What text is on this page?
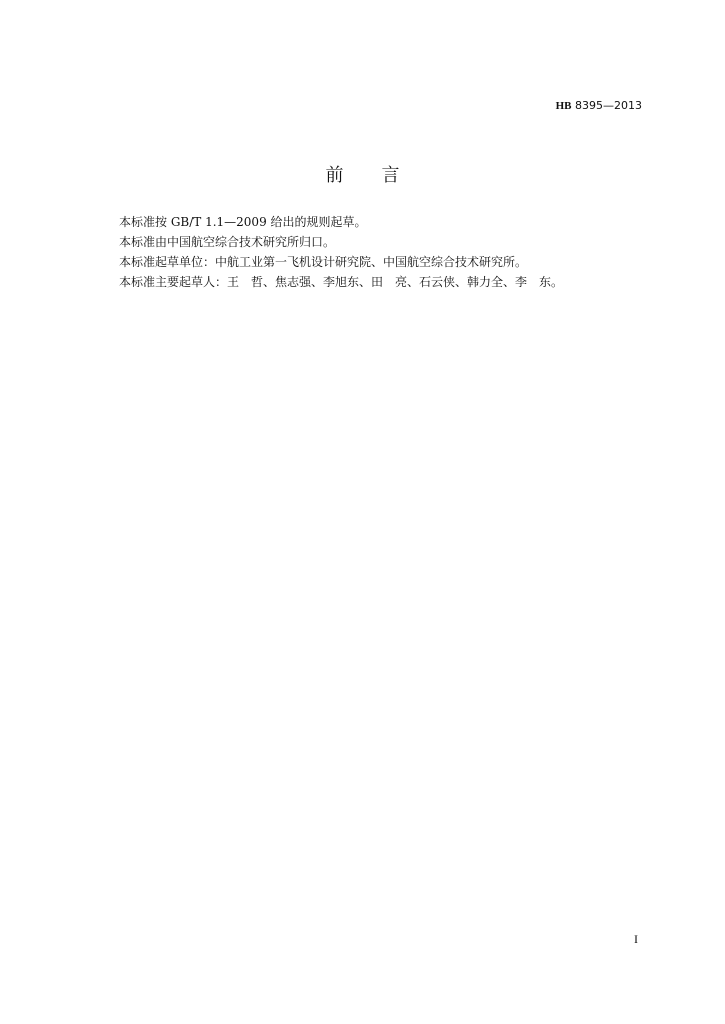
HB 8395—2013
前言
本标准按 GB/T 1.1—2009 给出的规则起草。
本标准由中国航空综合技术研究所归口。
本标准起草单位：中航工业第一飞机设计研究院、中国航空综合技术研究所。
本标准主要起草人：王　哲、焦志强、李旭东、田　亮、石云侠、韩力全、李　东。
I
